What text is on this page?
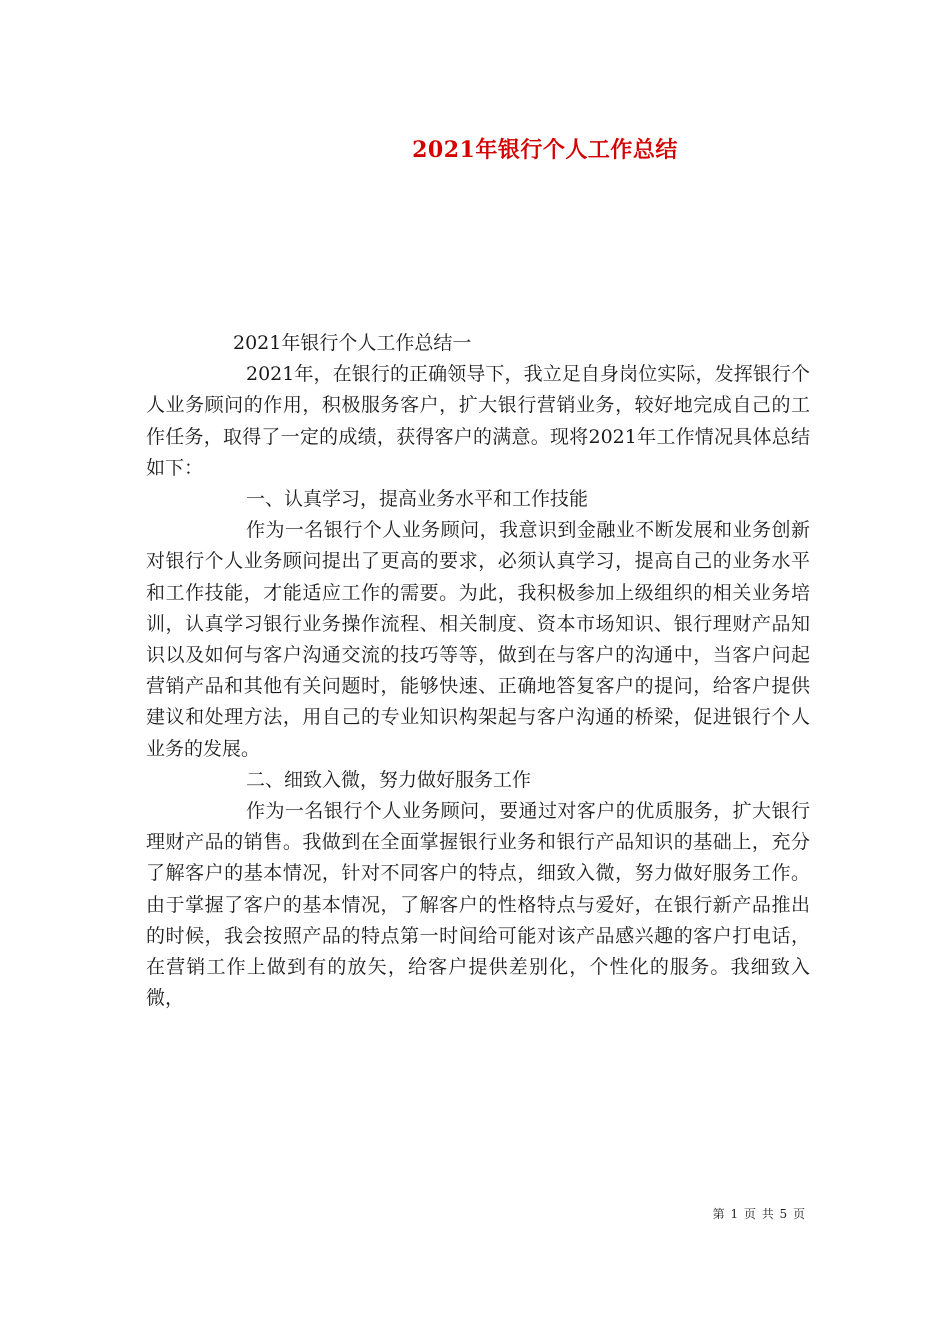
2021年银行个人工作总结

2021年银行个人工作总结一

2021年，在银行的正确领导下，我立足自身岗位实际，发挥银行个人业务顾问的作用，积极服务客户，扩大银行营销业务，较好地完成自己的工作任务，取得了一定的成绩，获得客户的满意。现将2021年工作情况具体总结如下：

一、认真学习，提高业务水平和工作技能

作为一名银行个人业务顾问，我意识到金融业不断发展和业务创新对银行个人业务顾问提出了更高的要求，必须认真学习，提高自己的业务水平和工作技能，才能适应工作的需要。为此，我积极参加上级组织的相关业务培训，认真学习银行业务操作流程、相关制度、资本市场知识、银行理财产品知识以及如何与客户沟通交流的技巧等等，做到在与客户的沟通中，当客户问起营销产品和其他有关问题时，能够快速、正确地答复客户的提问，给客户提供建议和处理方法，用自己的专业知识构架起与客户沟通的桥梁，促进银行个人业务的发展。

二、细致入微，努力做好服务工作

作为一名银行个人业务顾问，要通过对客户的优质服务，扩大银行理财产品的销售。我做到在全面掌握银行业务和银行产品知识的基础上，充分了解客户的基本情况，针对不同客户的特点，细致入微，努力做好服务工作。由于掌握了客户的基本情况，了解客户的性格特点与爱好，在银行新产品推出的时候，我会按照产品的特点第一时间给可能对该产品感兴趣的客户打电话，在营销工作上做到有的放矢，给客户提供差别化，个性化的服务。我细致入微，

第 1 页 共 5 页
